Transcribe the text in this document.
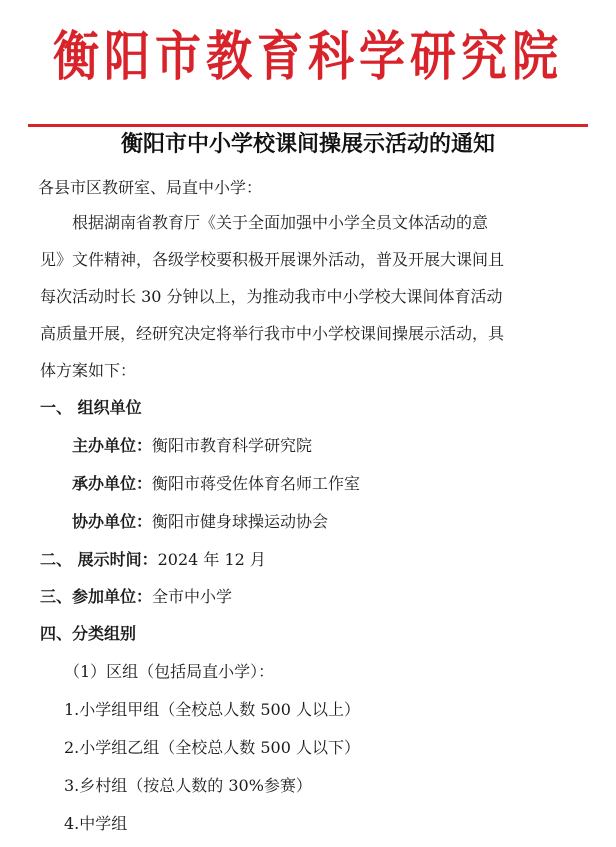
衡阳市教育科学研究院
衡阳市中小学校课间操展示活动的通知
各县市区教研室、局直中小学：
根据湖南省教育厅《关于全面加强中小学全员文体活动的意
见》文件精神，各级学校要积极开展课外活动，普及开展大课间且
每次活动时长 30 分钟以上，为推动我市中小学校大课间体育活动
高质量开展，经研究决定将举行我市中小学校课间操展示活动，具
体方案如下：
一、 组织单位
主办单位：衡阳市教育科学研究院
承办单位：衡阳市蒋受佐体育名师工作室
协办单位：衡阳市健身球操运动协会
二、 展示时间：2024 年 12 月
三、参加单位：全市中小学
四、分类组别
（1）区组（包括局直小学）：
1.小学组甲组（全校总人数 500 人以上）
2.小学组乙组（全校总人数 500 人以下）
3.乡村组（按总人数的 30%参赛）
4.中学组
